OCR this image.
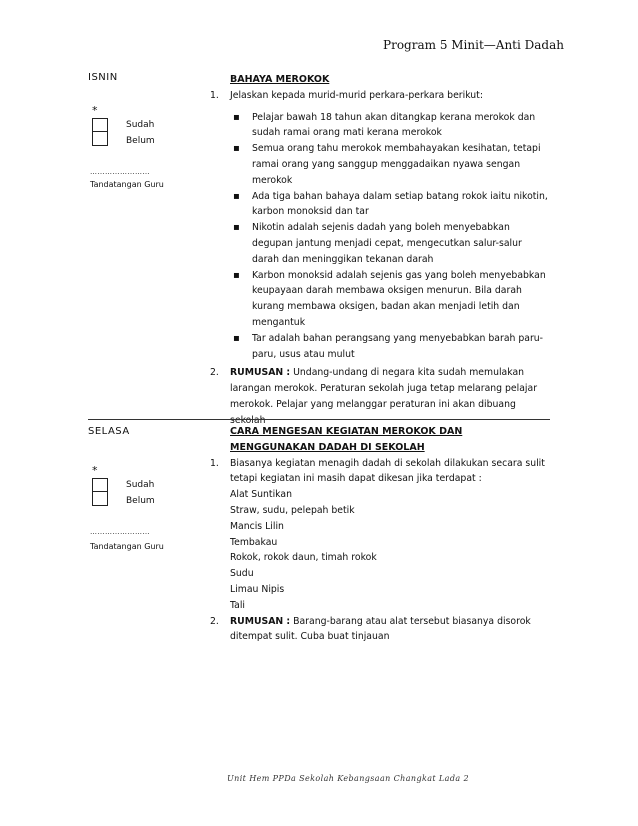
Program 5 Minit—Anti Dadah
ISNIN
*
Sudah
Belum
……………………
Tandatangan Guru
BAHAYA MEROKOK
1. Jelaskan kepada murid-murid perkara-perkara berikut:
▪ Pelajar bawah 18 tahun akan ditangkap kerana merokok dan sudah ramai orang mati kerana merokok
▪ Semua orang tahu merokok membahayakan kesihatan, tetapi ramai orang yang sanggup menggadaikan nyawa sengan merokok
▪ Ada tiga bahan bahaya dalam setiap batang rokok iaitu nikotin, karbon monoksid dan tar
▪ Nikotin adalah sejenis dadah yang boleh menyebabkan degupan jantung menjadi cepat, mengecutkan salur-salur darah dan meninggikan tekanan darah
▪ Karbon monoksid adalah sejenis gas yang boleh menyebabkan keupayaan darah membawa oksigen menurun. Bila darah kurang membawa oksigen, badan akan menjadi letih dan mengantuk
▪ Tar adalah bahan perangsang yang menyebabkan barah paru-paru, usus atau mulut
2. RUMUSAN : Undang-undang di negara kita sudah memulakan larangan merokok. Peraturan sekolah juga tetap melarang pelajar merokok. Pelajar yang melanggar peraturan ini akan dibuang sekolah
SELASA
*
Sudah
Belum
……………………
Tandatangan Guru
CARA MENGESAN KEGIATAN MEROKOK DAN
MENGGUNAKAN DADAH DI SEKOLAH
1. Biasanya kegiatan menagih dadah di sekolah dilakukan secara sulit tetapi kegiatan ini masih dapat dikesan jika terdapat :
Alat Suntikan
Straw, sudu, pelepah betik
Mancis Lilin
Tembakau
Rokok, rokok daun, timah rokok
Sudu
Limau Nipis
Tali
2. RUMUSAN : Barang-barang atau alat tersebut biasanya disorok ditempat sulit. Cuba buat tinjauan
Unit Hem PPDa Sekolah Kebangsaan Changkat Lada 2
